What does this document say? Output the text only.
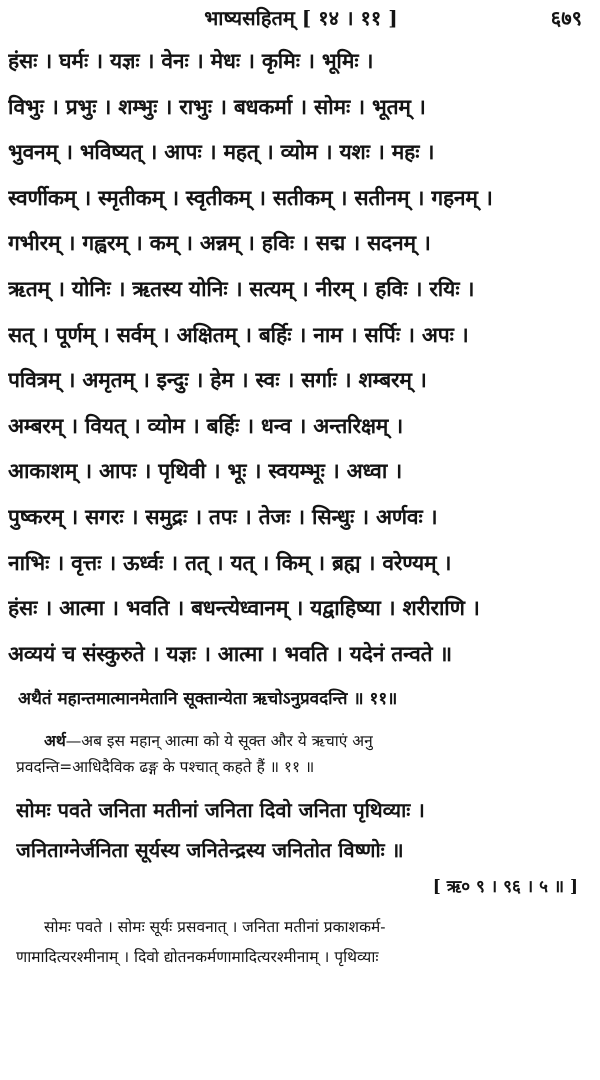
भाष्यसहितम् [ १४ । ११ ]	६७९
हंसः । घर्मः । यज्ञः । वेनः । मेधः । कृमिः । भूमिः ।
विभुः । प्रभुः । शम्भुः । राभुः । बधकर्मा । सोमः । भूतम् ।
भुवनम् । भविष्यत् । आपः । महत् । व्योम । यशः । महः ।
स्वर्णीकम् । स्मृतीकम् । स्वृतीकम् । सतीकम् । सतीनम् । गहनम् ।
गभीरम् । गह्वरम् । कम् । अन्नम् । हविः । सद्म । सदनम् ।
ऋतम् । योनिः । ऋतस्य योनिः । सत्यम् । नीरम् । हविः । रयिः ।
सत् । पूर्णम् । सर्वम् । अक्षितम् । बर्हिः । नाम । सर्पिः । अपः ।
पवित्रम् । अमृतम् । इन्दुः । हेम । स्वः । सर्गाः । शम्बरम् ।
अम्बरम् । वियत् । व्योम । बर्हिः । धन्व । अन्तरिक्षम् ।
आकाशम् । आपः । पृथिवी । भूः । स्वयम्भूः । अध्वा ।
पुष्करम् । सगरः । समुद्रः । तपः । तेजः । सिन्धुः । अर्णवः ।
नाभिः । वृत्तः । ऊर्ध्वः । तत् । यत् । किम् । ब्रह्म । वरेण्यम् ।
हंसः । आत्मा । भवति । बधन्त्येध्वानम् । यद्वाहिष्या । शरीराणि ।
अव्ययं च संस्कुरुते । यज्ञः । आत्मा । भवति । यदेनं तन्वते ॥
अथैतं महान्तमात्मानमेतानि सूक्तान्येता ऋचोऽनुप्रवदन्ति ॥ ११॥
अर्थ—अब इस महान् आत्मा को ये सूक्त और ये ऋचाएं अनु
प्रवदन्ति=आधिदैविक ढङ्ग के पश्चात् कहते हैं ॥ ११ ॥
सोमः पवते जनिता मतीनां जनिता दिवो जनिता पृथिव्याः ।
जनिताग्नेर्जनिता सूर्यस्य जनितेन्द्रस्य जनितोत विष्णोः ॥
[ ऋ० ९ । ९६ । ५ ॥ ]
सोमः पवते । सोमः सूर्यः प्रसवनात् । जनिता मतीनां प्रकाशकर्म-
णामादित्यरश्मीनाम् । दिवो द्योतनकर्मणामादित्यरश्मीनाम् । पृथिव्याः
